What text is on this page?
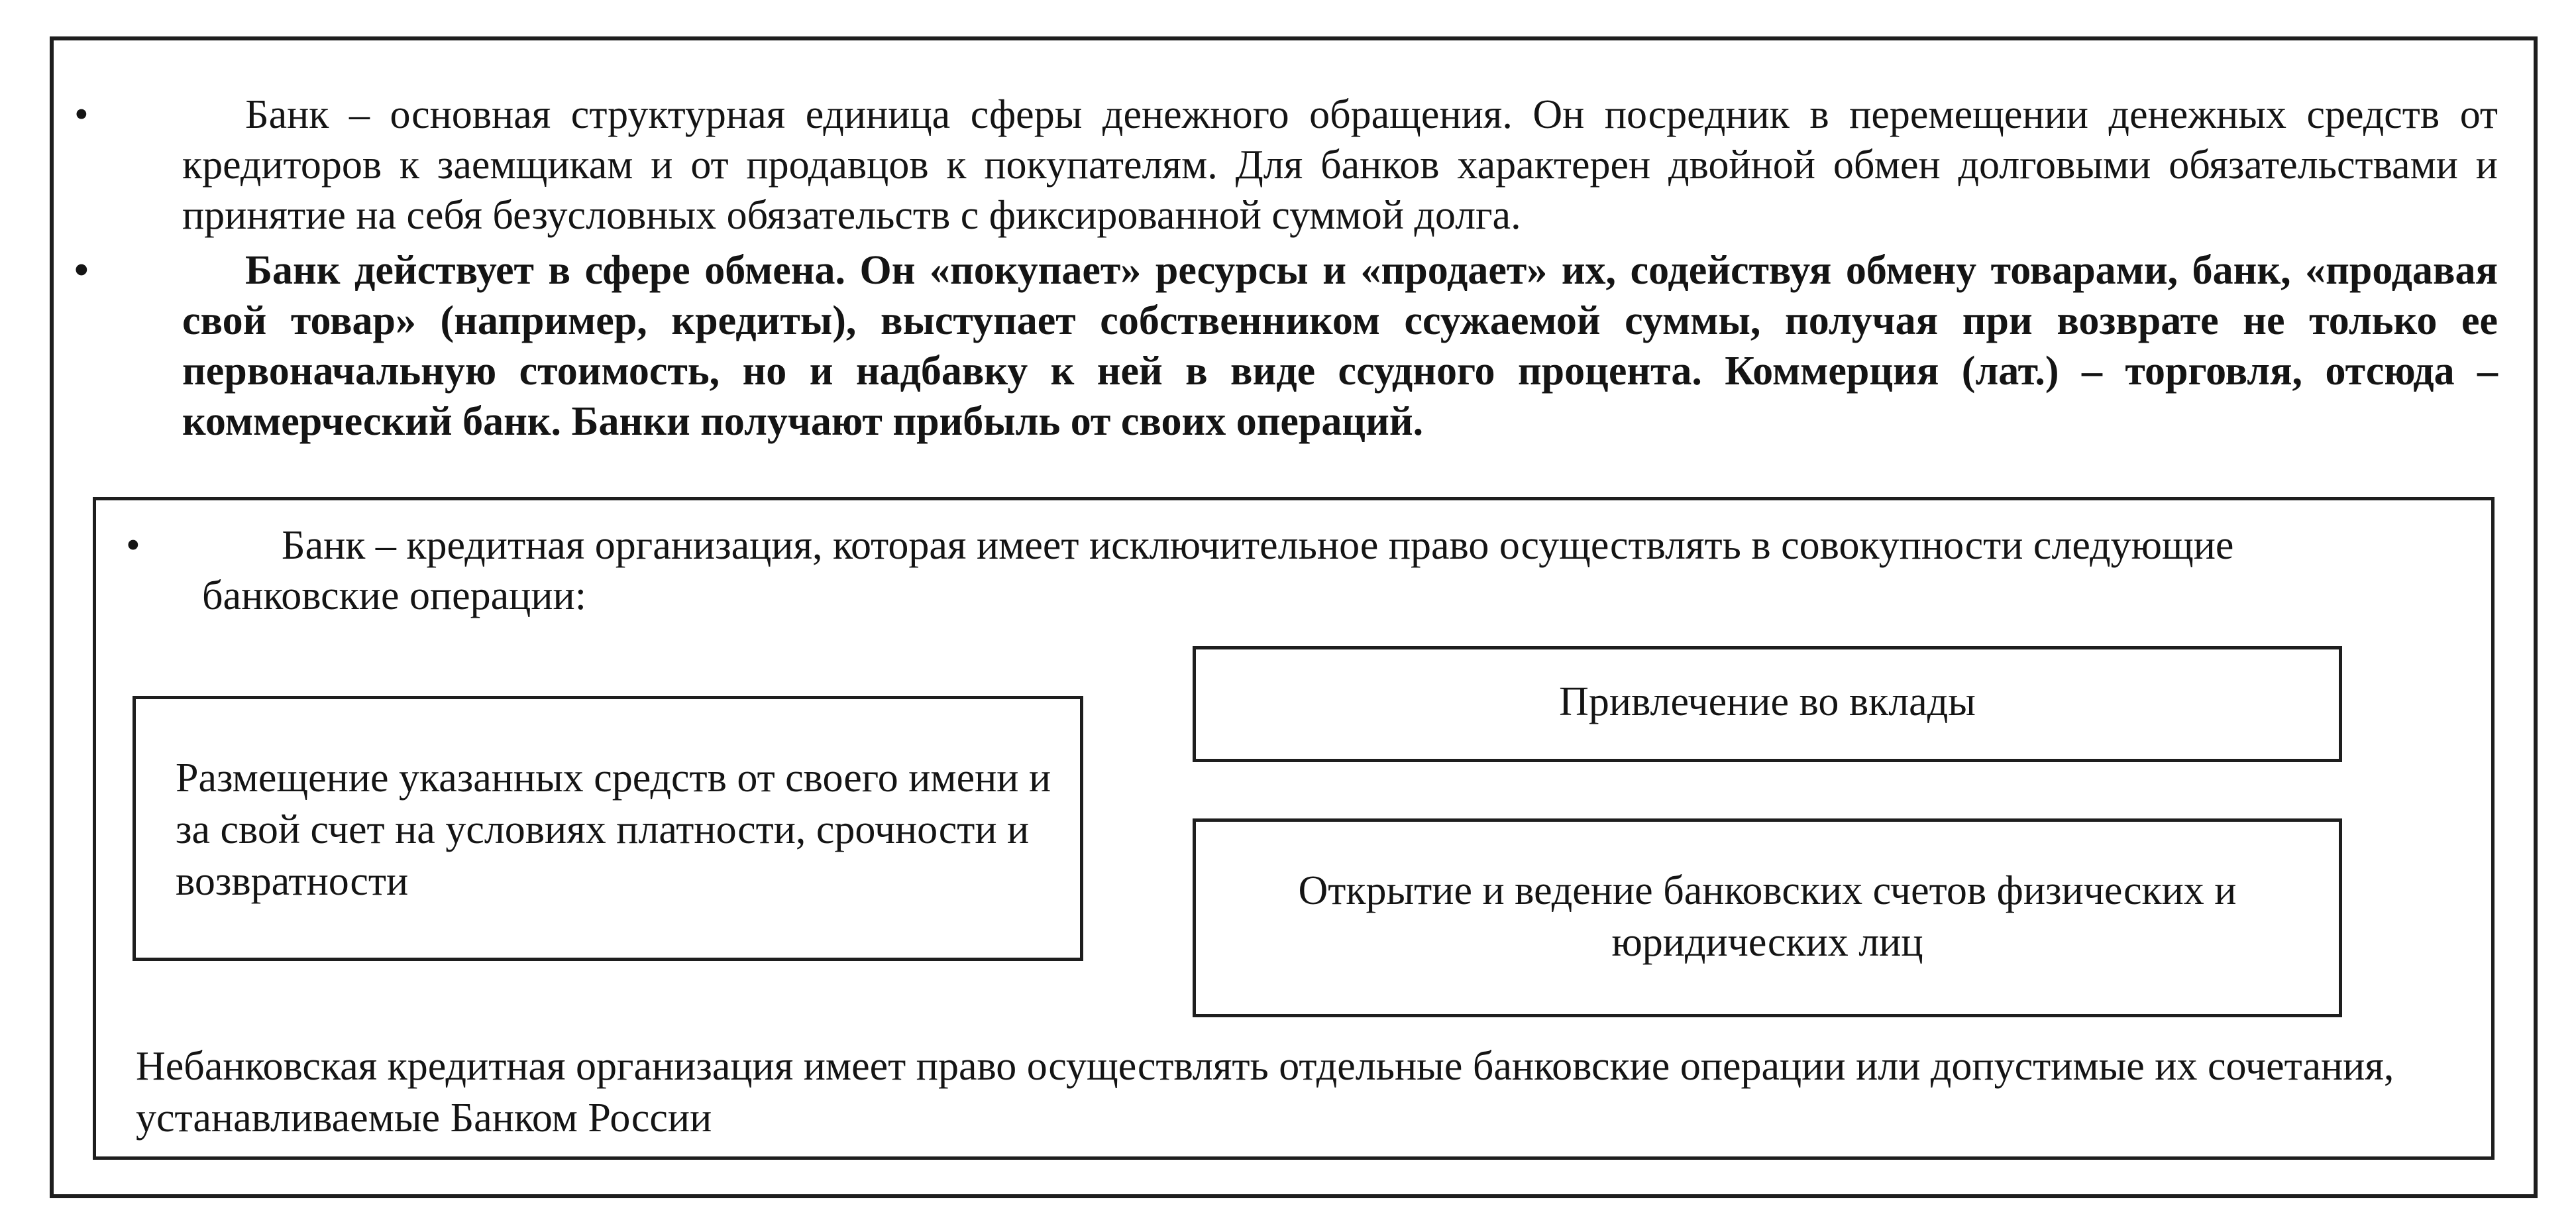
•	Банк – основная структурная единица сферы денежного обращения. Он посредник в перемещении денежных средств от кредиторов к заемщикам и от продавцов к покупателям. Для банков характерен двойной обмен долговыми обязательствами и принятие на себя безусловных обязательств с фиксированной суммой долга.
•	Банк действует в сфере обмена. Он «покупает» ресурсы и «продает» их, содействуя обмену товарами, банк, «продавая свой товар» (например, кредиты), выступает собственником ссужаемой суммы, получая при возврате не только ее первоначальную стоимость, но и надбавку к ней в виде ссудного процента. Коммерция (лат.) – торговля, отсюда – коммерческий банк. Банки получают прибыль от своих операций.
•	Банк – кредитная организация, которая имеет исключительное право осуществлять в совокупности следующие банковские операции:
Размещение указанных средств от своего имени и за свой счет на условиях платности, срочности и возвратности
Привлечение во вклады
Открытие и ведение банковских счетов физических и юридических лиц
Небанковская кредитная организация имеет право осуществлять отдельные банковские операции или допустимые их сочетания, устанавливаемые Банком России
